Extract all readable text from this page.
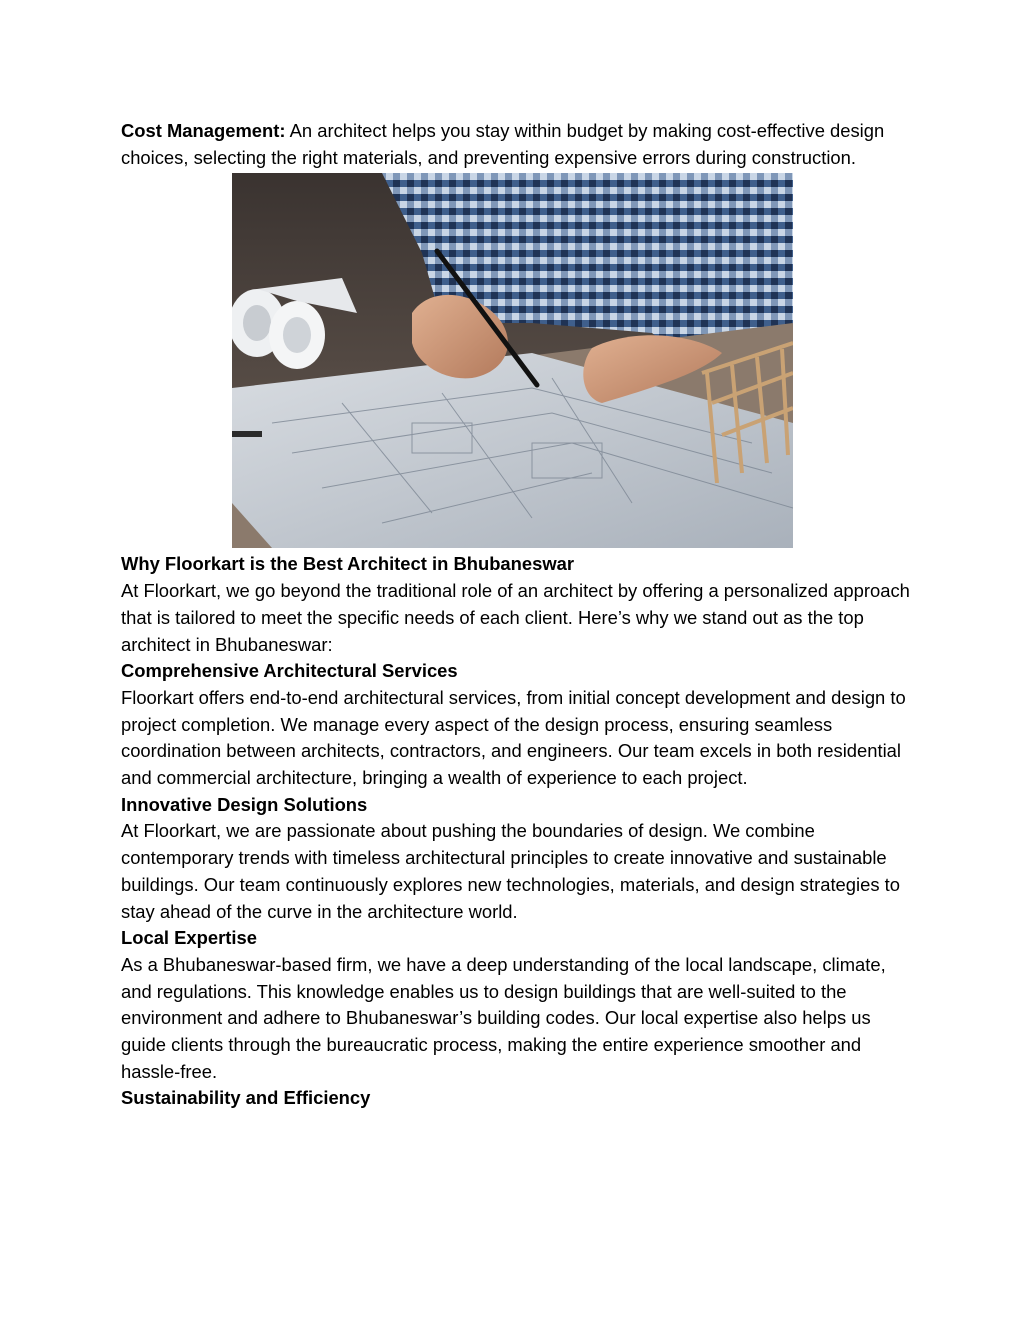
Cost Management: An architect helps you stay within budget by making cost-effective design choices, selecting the right materials, and preventing expensive errors during construction.

Why Floorkart is the Best Architect in Bhubaneswar

At Floorkart, we go beyond the traditional role of an architect by offering a personalized approach that is tailored to meet the specific needs of each client. Here’s why we stand out as the top architect in Bhubaneswar:

Comprehensive Architectural Services

Floorkart offers end-to-end architectural services, from initial concept development and design to project completion. We manage every aspect of the design process, ensuring seamless coordination between architects, contractors, and engineers. Our team excels in both residential and commercial architecture, bringing a wealth of experience to each project.

Innovative Design Solutions

At Floorkart, we are passionate about pushing the boundaries of design. We combine contemporary trends with timeless architectural principles to create innovative and sustainable buildings. Our team continuously explores new technologies, materials, and design strategies to stay ahead of the curve in the architecture world.

Local Expertise

As a Bhubaneswar-based firm, we have a deep understanding of the local landscape, climate, and regulations. This knowledge enables us to design buildings that are well-suited to the environment and adhere to Bhubaneswar’s building codes. Our local expertise also helps us guide clients through the bureaucratic process, making the entire experience smoother and hassle-free.

Sustainability and Efficiency
